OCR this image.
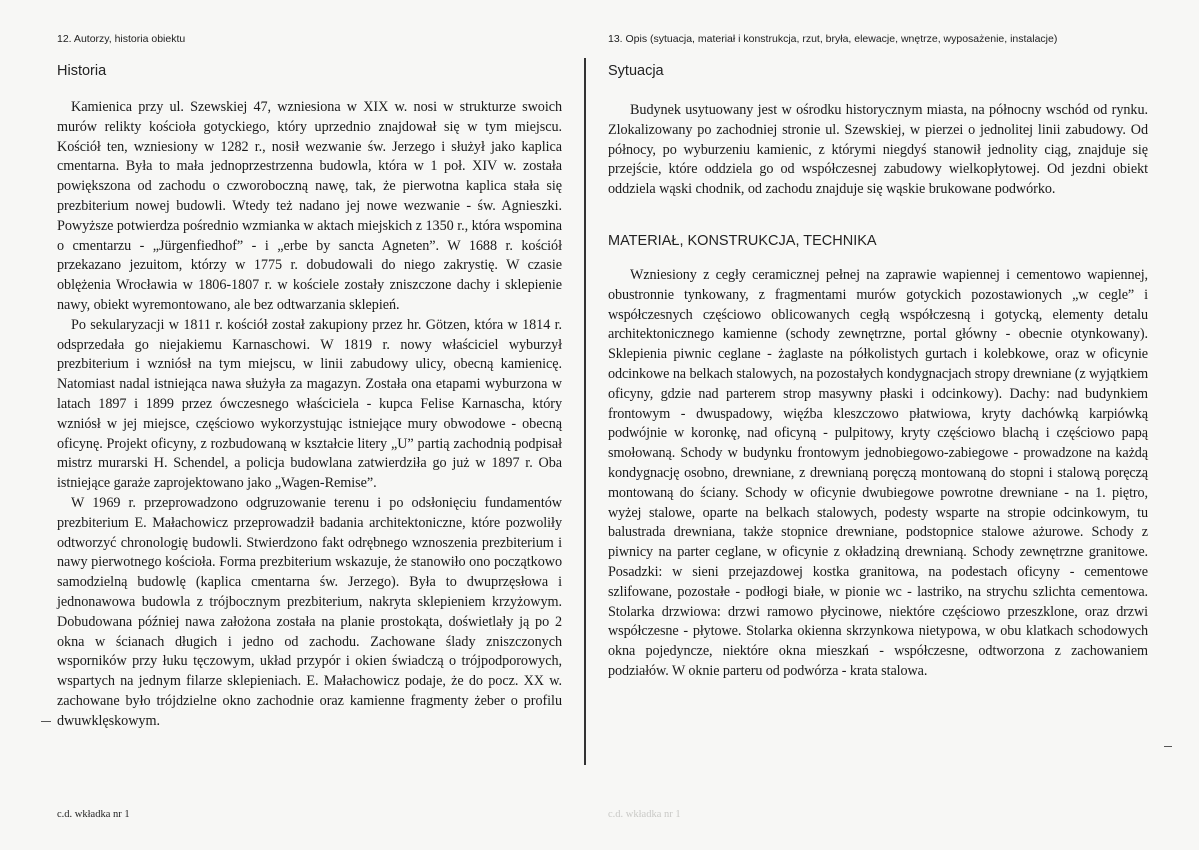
12. Autorzy, historia obiektu
Historia

Kamienica przy ul. Szewskiej 47, wzniesiona w XIX w. nosi w strukturze swoich murów relikty kościoła gotyckiego, który uprzednio znajdował się w tym miejscu. Kościół ten, wzniesiony w 1282 r., nosił wezwanie św. Jerzego i służył jako kaplica cmentarna. Była to mała jednoprzestrzenna budowla, która w 1 poł. XIV w. została powiększona od zachodu o czworoboczną nawę, tak, że pierwotna kaplica stała się prezbiterium nowej budowli. Wtedy też nadano jej nowe wezwanie - św. Agnieszki. Powyższe potwierdza pośrednio wzmianka w aktach miejskich z 1350 r., która wspomina o cmentarzu - „Jürgenfiedhof” - i „erbe by sancta Agneten”. W 1688 r. kościół przekazano jezuitom, którzy w 1775 r. dobudowali do niego zakrystię. W czasie oblężenia Wrocławia w 1806-1807 r. w kościele zostały zniszczone dachy i sklepienie nawy, obiekt wyremontowano, ale bez odtwarzania sklepień.

Po sekularyzacji w 1811 r. kościół został zakupiony przez hr. Götzen, która w 1814 r. odsprzedała go niejakiemu Karnaschowi. W 1819 r. nowy właściciel wyburzył prezbiterium i wzniósł na tym miejscu, w linii zabudowy ulicy, obecną kamienicę. Natomiast nadal istniejąca nawa służyła za magazyn. Została ona etapami wyburzona w latach 1897 i 1899 przez ówczesnego właściciela - kupca Felise Karnascha, który wzniósł w jej miejsce, częściowo wykorzystując istniejące mury obwodowe - obecną oficynę. Projekt oficyny, z rozbudowaną w kształcie litery „U” partią zachodnią podpisał mistrz murarski H. Schendel, a policja budowlana zatwierdziła go już w 1897 r. Oba istniejące garaże zaprojektowano jako „Wagen-Remise”.

W 1969 r. przeprowadzono odgruzowanie terenu i po odsłonięciu fundamentów prezbiterium E. Małachowicz przeprowadził badania architektoniczne, które pozwoliły odtworzyć chronologię budowli. Stwierdzono fakt odrębnego wznoszenia prezbiterium i nawy pierwotnego kościoła. Forma prezbiterium wskazuje, że stanowiło ono początkowo samodzielną budowlę (kaplica cmentarna św. Jerzego). Była to dwuprzęsłowa i jednonawowa budowla z trójbocznym prezbiterium, nakryta sklepieniem krzyżowym. Dobudowana później nawa założona została na planie prostokąta, doświetlały ją po 2 okna w ścianach długich i jedno od zachodu. Zachowane ślady zniszczonych wsporników przy łuku tęczowym, układ przypór i okien świadczą o trójpodporowych, wspartych na jednym filarze sklepieniach. E. Małachowicz podaje, że do pocz. XX w. zachowane było trójdzielne okno zachodnie oraz kamienne fragmenty żeber o profilu dwuwklęskowym.

c.d. wkładka nr 1
13. Opis (sytuacja, materiał i konstrukcja, rzut, bryła, elewacje, wnętrze, wyposażenie, instalacje)
Sytuacja

Budynek usytuowany jest w ośrodku historycznym miasta, na północny wschód od rynku. Zlokalizowany po zachodniej stronie ul. Szewskiej, w pierzei o jednolitej linii zabudowy. Od północy, po wyburzeniu kamienic, z którymi niegdyś stanowił jednolity ciąg, znajduje się przejście, które oddziela go od współczesnej zabudowy wielkopłytowej. Od jezdni obiekt oddziela wąski chodnik, od zachodu znajduje się wąskie brukowane podwórko.

MATERIAŁ, KONSTRUKCJA, TECHNIKA

Wzniesiony z cegły ceramicznej pełnej na zaprawie wapiennej i cementowo wapiennej, obustronnie tynkowany, z fragmentami murów gotyckich pozostawionych „w cegle” i współczesnych częściowo oblicowanych cegłą współczesną i gotycką, elementy detalu architektonicznego kamienne (schody zewnętrzne, portal główny - obecnie otynkowany). Sklepienia piwnic ceglane - żaglaste na półkolistych gurtach i kolebkowe, oraz w oficynie odcinkowe na belkach stalowych, na pozostałych kondygnacjach stropy drewniane (z wyjątkiem oficyny, gdzie nad parterem strop masywny płaski i odcinkowy). Dachy: nad budynkiem frontowym - dwuspadowy, więźba kleszczowo płatwiowa, kryty dachówką karpiówką podwójnie w koronkę, nad oficyną - pulpitowy, kryty częściowo blachą i częściowo papą smołowaną. Schody w budynku frontowym jednobiegowo-zabiegowe - prowadzone na każdą kondygnację osobno, drewniane, z drewnianą poręczą montowaną do stopni i stalową poręczą montowaną do ściany. Schody w oficynie dwubiegowe powrotne drewniane - na 1. piętro, wyżej stalowe, oparte na belkach stalowych, podesty wsparte na stropie odcinkowym, tu balustrada drewniana, także stopnice drewniane, podstopnice stalowe ażurowe. Schody z piwnicy na parter ceglane, w oficynie z okładziną drewnianą. Schody zewnętrzne granitowe. Posadzki: w sieni przejazdowej kostka granitowa, na podestach oficyny - cementowe szlifowane, pozostałe - podłogi białe, w pionie wc - lastriko, na strychu szlichta cementowa. Stolarka drzwiowa: drzwi ramowo płycinowe, niektóre częściowo przeszklone, oraz drzwi współczesne - płytowe. Stolarka okienna skrzynkowa nietypowa, w obu klatkach schodowych okna pojedyncze, niektóre okna mieszkań - współczesne, odtworzona z zachowaniem podziałów. W oknie parteru od podwórza - krata stalowa.

c.d. wkładka nr 1
